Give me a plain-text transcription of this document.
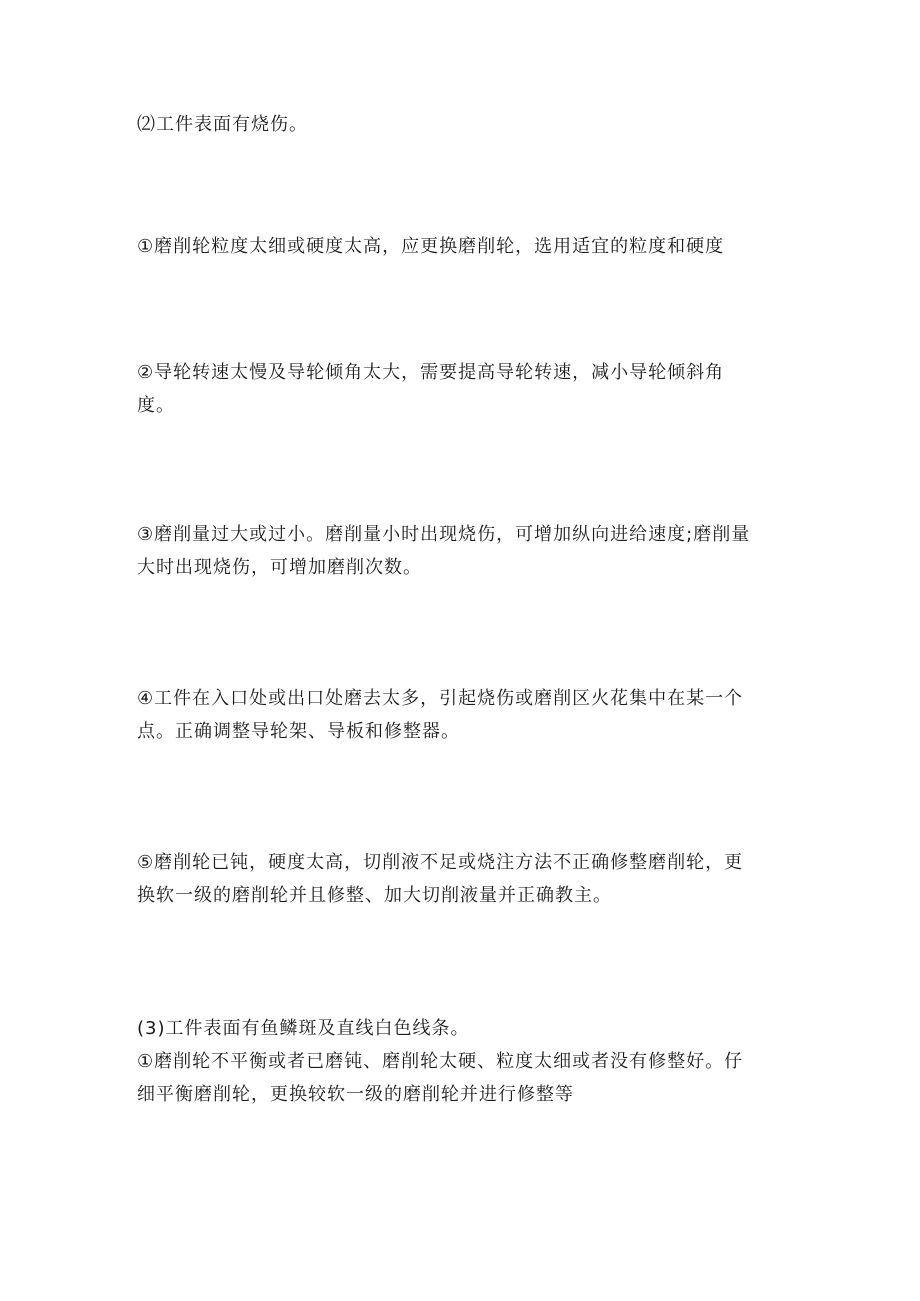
⑵工件表面有烧伤。

①磨削轮粒度太细或硬度太高，应更换磨削轮，选用适宜的粒度和硬度

②导轮转速太慢及导轮倾角太大，需要提高导轮转速，减小导轮倾斜角
度。

③磨削量过大或过小。磨削量小时出现烧伤，可增加纵向进给速度;磨削量
大时出现烧伤，可增加磨削次数。

④工件在入口处或出口处磨去太多，引起烧伤或磨削区火花集中在某一个
点。正确调整导轮架、导板和修整器。

⑤磨削轮已钝，硬度太高，切削液不足或烧注方法不正确修整磨削轮，更
换软一级的磨削轮并且修整、加大切削液量并正确教主。

(3)工件表面有鱼鳞斑及直线白色线条。
①磨削轮不平衡或者已磨钝、磨削轮太硬、粒度太细或者没有修整好。仔
细平衡磨削轮，更换较软一级的磨削轮并进行修整等
